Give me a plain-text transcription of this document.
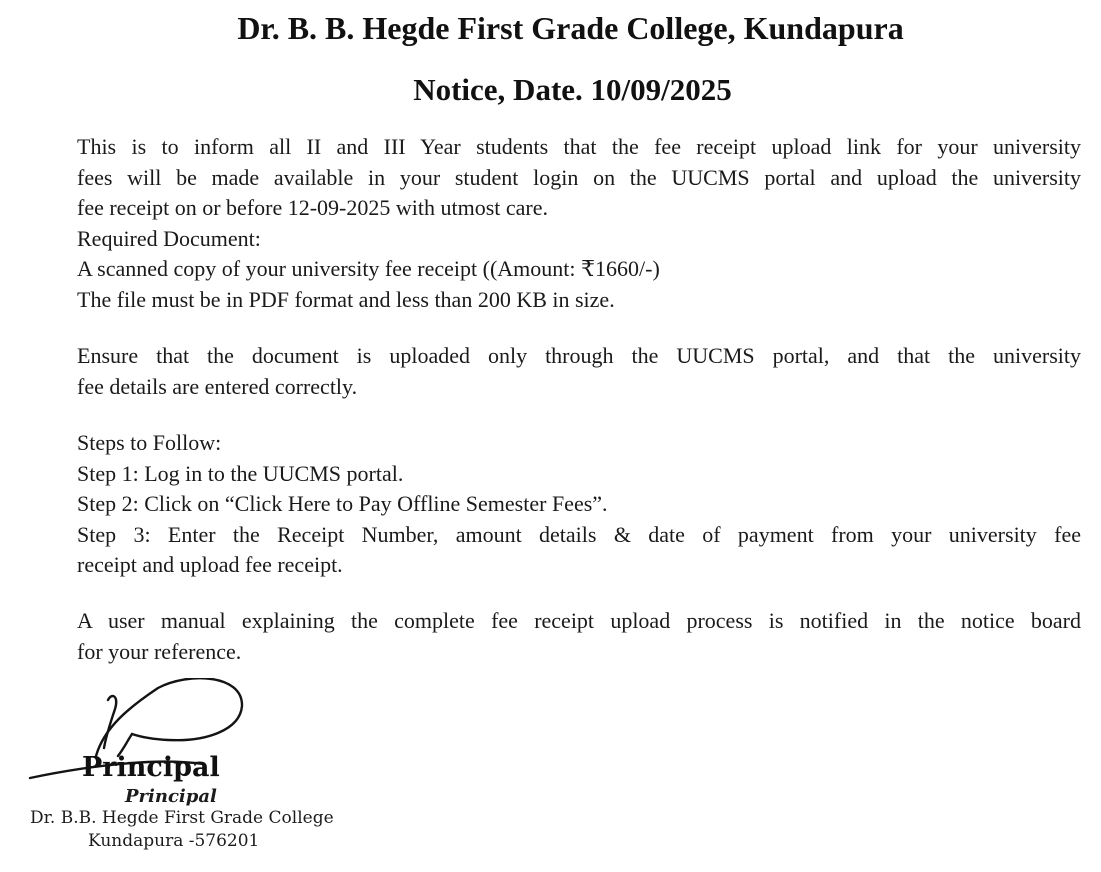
Dr. B. B. Hegde First Grade College, Kundapura
Notice, Date. 10/09/2025

This is to inform all II and III Year students that the fee receipt upload link for your university

fees will be made available in your student login on the UUCMS portal and upload the university

fee receipt on or before 12-09-2025 with utmost care.

Required Document:

A scanned copy of your university fee receipt ((Amount: ₹1660/-)

The file must be in PDF format and less than 200 KB in size.

Ensure that the document is uploaded only through the UUCMS portal, and that the university

fee details are entered correctly.

Steps to Follow:

Step 1: Log in to the UUCMS portal.

Step 2: Click on “Click Here to Pay Offline Semester Fees”.

Step 3: Enter the Receipt Number, amount details & date of payment from your university fee

receipt and upload fee receipt.

A user manual explaining the complete fee receipt upload process is notified in the notice board

for your reference.

Principal
Principal
Dr. B.B. Hegde First Grade College
Kundapura -576201
